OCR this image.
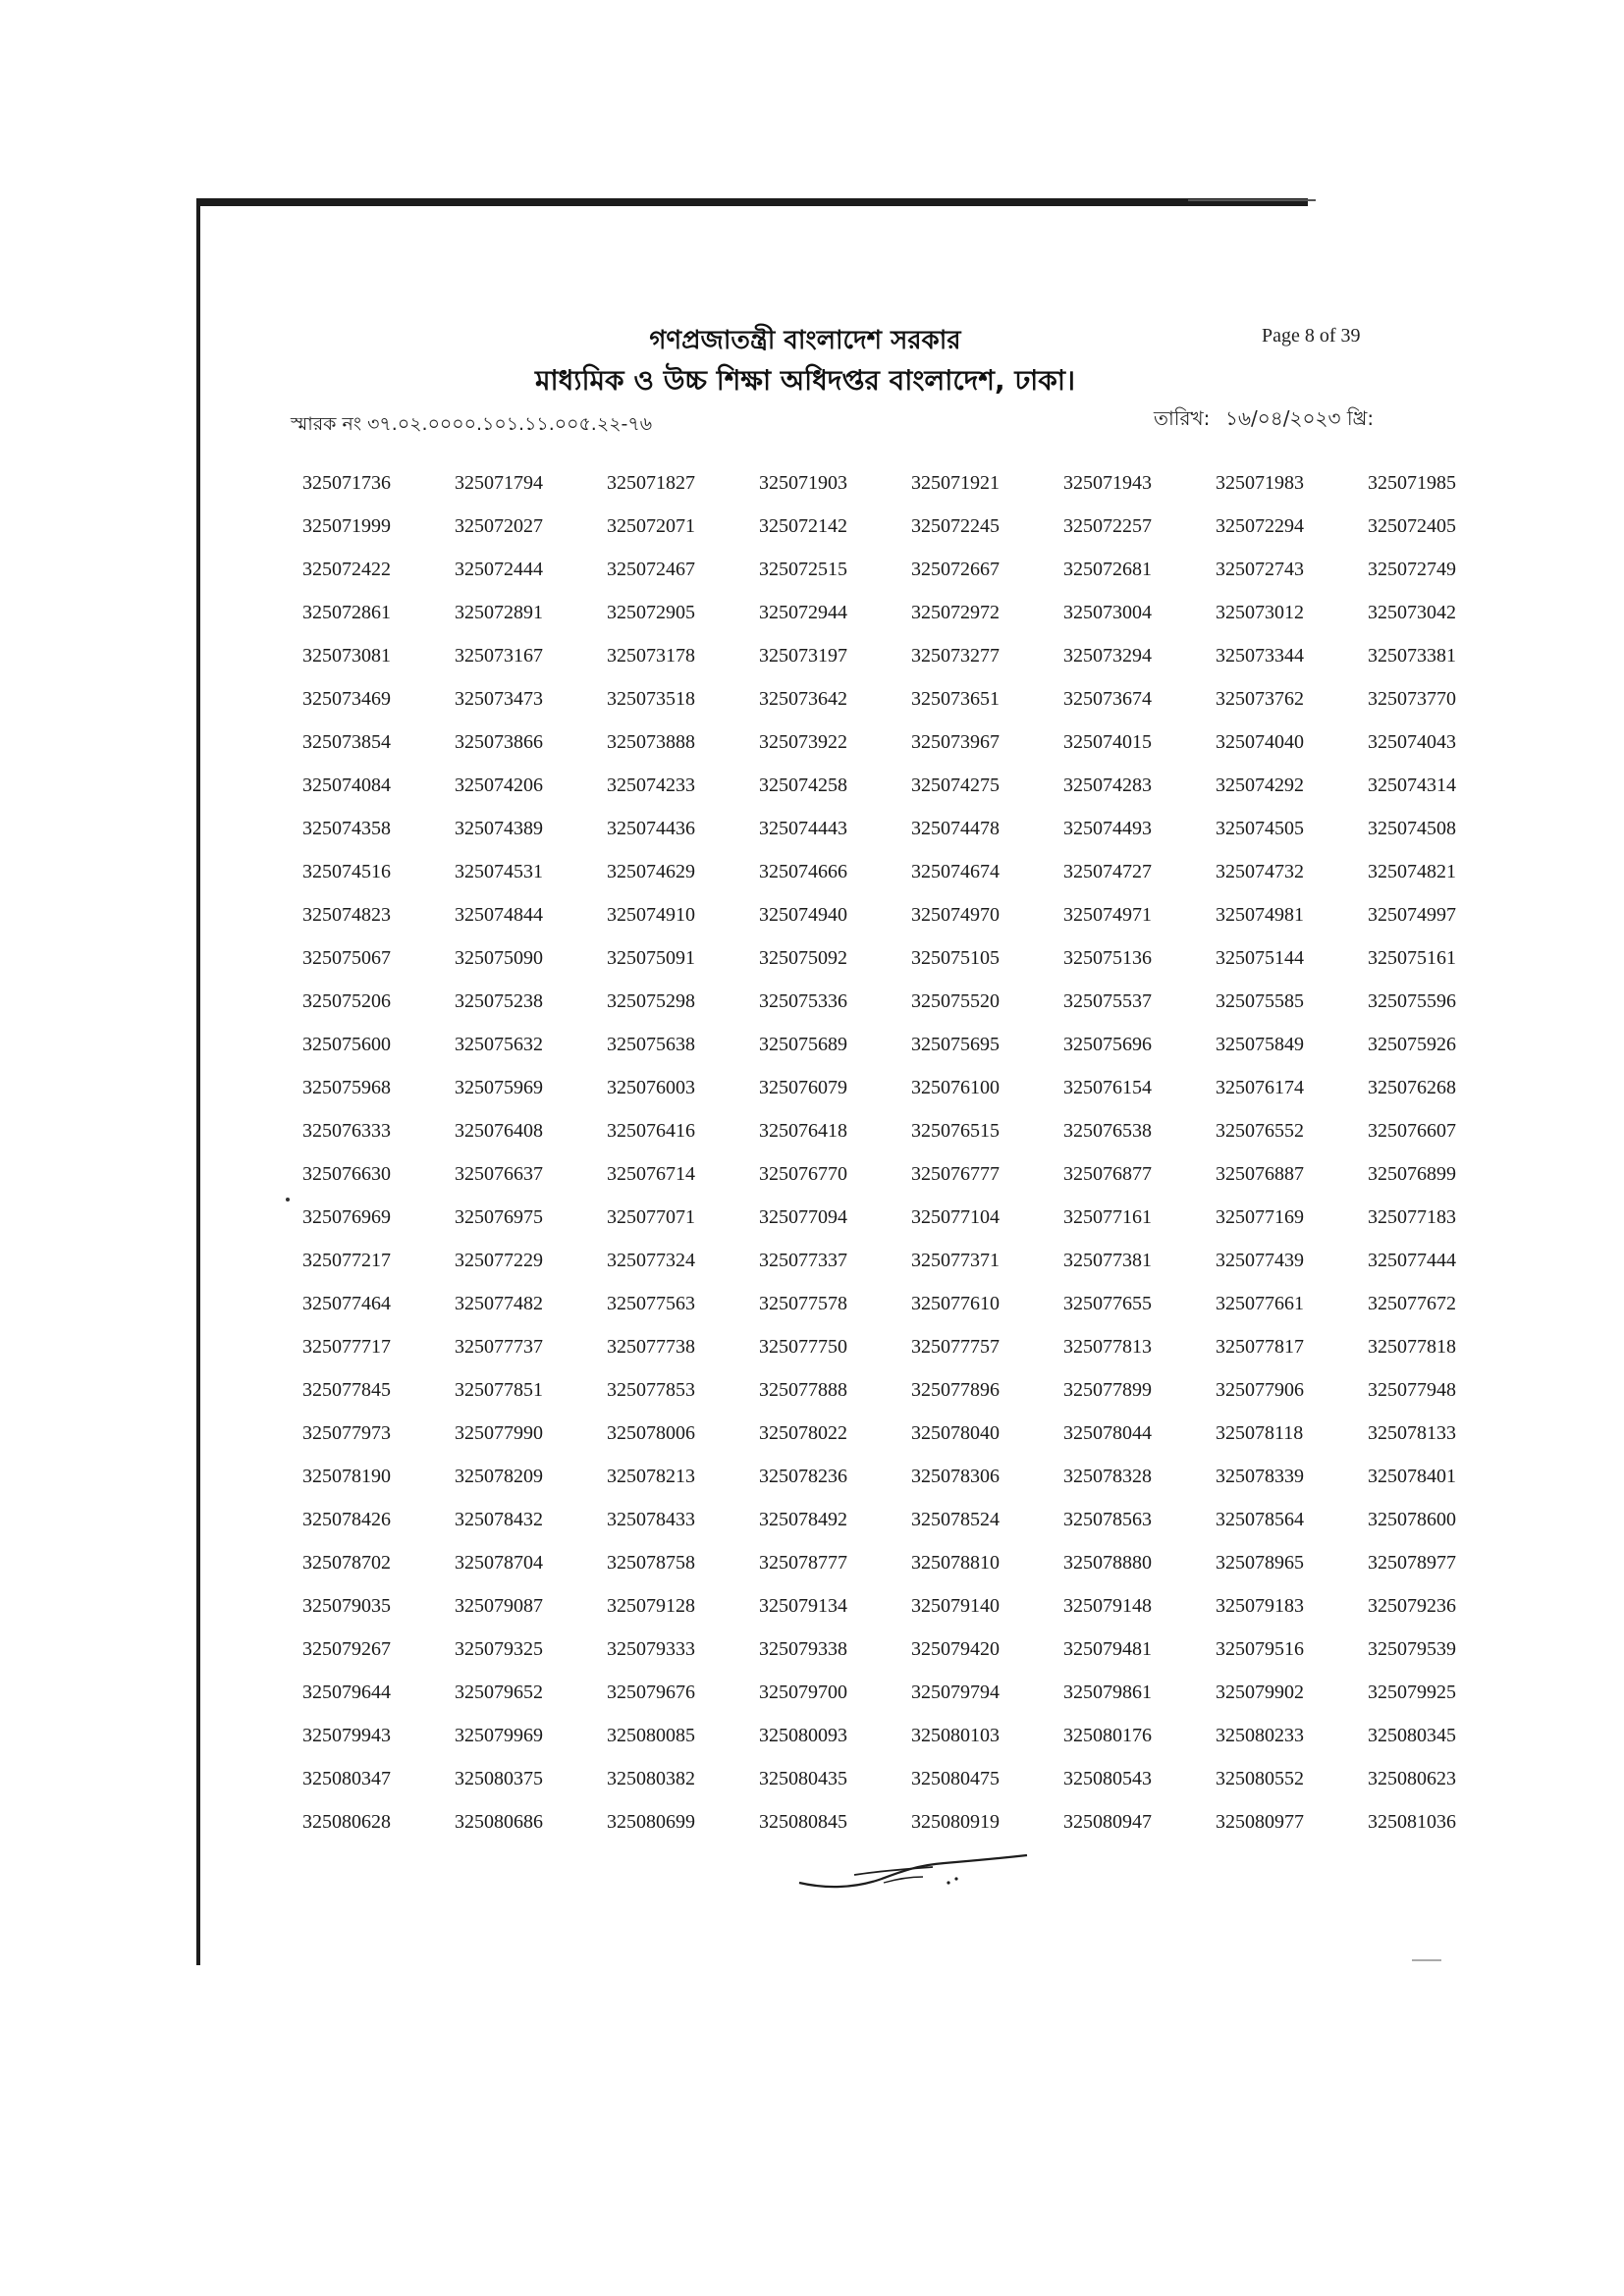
গণপ্রজাতন্ত্রী বাংলাদেশ সরকার
মাধ্যমিক ও উচ্চ শিক্ষা অধিদপ্তর বাংলাদেশ, ঢাকা।
Page 8 of 39
স্মারক নং ৩৭.০২.০০০০.১০১.১১.০০৫.২২-৭৬	তারিখ: ১৬/০৪/২০২৩ খ্রি:
325071736	325071794	325071827	325071903	325071921	325071943	325071983	325071985
325071999	325072027	325072071	325072142	325072245	325072257	325072294	325072405
325072422	325072444	325072467	325072515	325072667	325072681	325072743	325072749
325072861	325072891	325072905	325072944	325072972	325073004	325073012	325073042
325073081	325073167	325073178	325073197	325073277	325073294	325073344	325073381
325073469	325073473	325073518	325073642	325073651	325073674	325073762	325073770
325073854	325073866	325073888	325073922	325073967	325074015	325074040	325074043
325074084	325074206	325074233	325074258	325074275	325074283	325074292	325074314
325074358	325074389	325074436	325074443	325074478	325074493	325074505	325074508
325074516	325074531	325074629	325074666	325074674	325074727	325074732	325074821
325074823	325074844	325074910	325074940	325074970	325074971	325074981	325074997
325075067	325075090	325075091	325075092	325075105	325075136	325075144	325075161
325075206	325075238	325075298	325075336	325075520	325075537	325075585	325075596
325075600	325075632	325075638	325075689	325075695	325075696	325075849	325075926
325075968	325075969	325076003	325076079	325076100	325076154	325076174	325076268
325076333	325076408	325076416	325076418	325076515	325076538	325076552	325076607
325076630	325076637	325076714	325076770	325076777	325076877	325076887	325076899
325076969	325076975	325077071	325077094	325077104	325077161	325077169	325077183
325077217	325077229	325077324	325077337	325077371	325077381	325077439	325077444
325077464	325077482	325077563	325077578	325077610	325077655	325077661	325077672
325077717	325077737	325077738	325077750	325077757	325077813	325077817	325077818
325077845	325077851	325077853	325077888	325077896	325077899	325077906	325077948
325077973	325077990	325078006	325078022	325078040	325078044	325078118	325078133
325078190	325078209	325078213	325078236	325078306	325078328	325078339	325078401
325078426	325078432	325078433	325078492	325078524	325078563	325078564	325078600
325078702	325078704	325078758	325078777	325078810	325078880	325078965	325078977
325079035	325079087	325079128	325079134	325079140	325079148	325079183	325079236
325079267	325079325	325079333	325079338	325079420	325079481	325079516	325079539
325079644	325079652	325079676	325079700	325079794	325079861	325079902	325079925
325079943	325079969	325080085	325080093	325080103	325080176	325080233	325080345
325080347	325080375	325080382	325080435	325080475	325080543	325080552	325080623
325080628	325080686	325080699	325080845	325080919	325080947	325080977	325081036
